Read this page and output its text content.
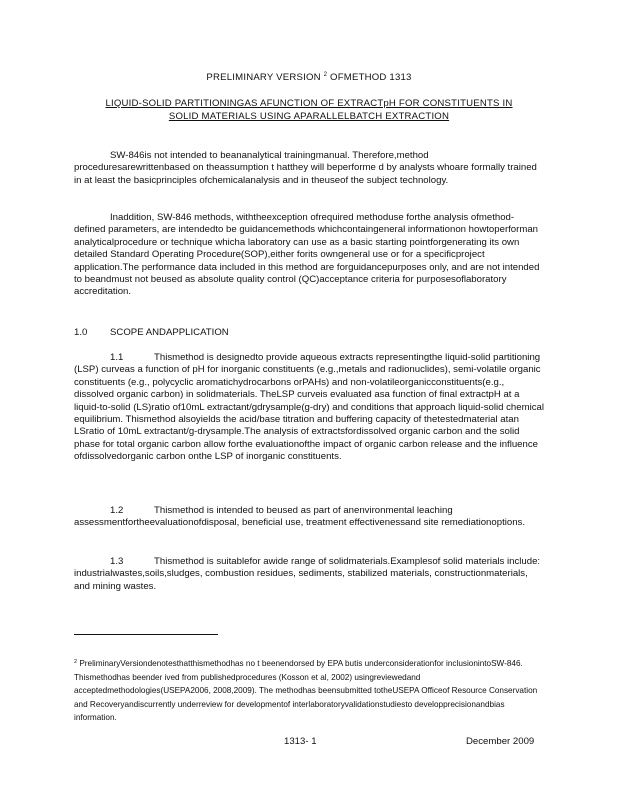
PRELIMINARY VERSION $^2$ OFMETHOD 1313
LIQUID-SOLID PARTITIONINGAS AFUNCTION OF EXTRACTpH FOR CONSTITUENTS IN
SOLID MATERIALS USING APARALLELBATCH EXTRACTION

SW-846is not intended to beananalytical trainingmanual. Therefore,method proceduresarewrittenbased on theassumption t hatthey will beperforme d by analysts whoare formally trained in at least the basicprinciples ofchemicalanalysis and in theuseof the subject technology.

Inaddition, SW-846 methods, withtheexception ofrequired methoduse forthe analysis ofmethod-defined parameters, are intendedto be guidancemethods whichcontaingeneral informationon howtoperforman analyticalprocedure or technique whicha laboratory can use as a basic starting pointforgenerating its own detailed Standard Operating Procedure(SOP),either forits owngeneral use or for a specificproject application.The performance data included in this method are forguidancepurposes only, and are not intended to beandmust not beused as absolute quality control (QC)acceptance criteria for purposesoflaboratory accreditation.

1.0 SCOPE ANDAPPLICATION

1.1	Thismethod is designedto provide aqueous extracts representingthe liquid-solid partitioning (LSP) curveas a function of pH for inorganic constituents (e.g.,metals and radionuclides), semi-volatile organic constituents (e.g., polycyclic aromatichydrocarbons orPAHs) and non-volatileorganicconstituents(e.g., dissolved organic carbon) in solidmaterials. TheLSP curveis evaluated asa function of final extractpH at a liquid-to-solid (LS)ratio of10mL extractant/gdrysample(g-dry) and conditions that approach liquid-solid chemical equilibrium. Thismethod alsoyields the acid/base titration and buffering capacity of thetestedmaterial atan LSratio of 10mL extractant/g-drysample.The analysis of extractsfordissolved organic carbon and the solid phase for total organic carbon allow forthe evaluationofthe impact of organic carbon release and the influence ofdissolvedorganic carbon onthe LSP of inorganic constituents.

1.2	Thismethod is intended to beused as part of anenvironmental leaching assessmentfortheevaluationofdisposal, beneficial use, treatment effectivenessand site remediationoptions.

1.3	Thismethod is suitablefor awide range of solidmaterials.Examplesof solid materials include: industrialwastes,soils,sludges, combustion residues, sediments, stabilized materials, constructionmaterials, and mining wastes.

$^2$ PreliminaryVersiondenotesthatthismethodhas no t beenendorsed by EPA butis underconsiderationfor inclusionintoSW-846. Thismethodhas beender ived from publishedprocedures (Kosson et al, 2002) usingreviewedand acceptedmethodologies(USEPA2006, 2008,2009). The methodhas beensubmitted totheUSEPA Officeof Resource Conservation and Recoveryandiscurrently underreview for developmentof interlaboratoryvalidationstudiesto developprecisionandbias information.
1313- 1	December 2009
